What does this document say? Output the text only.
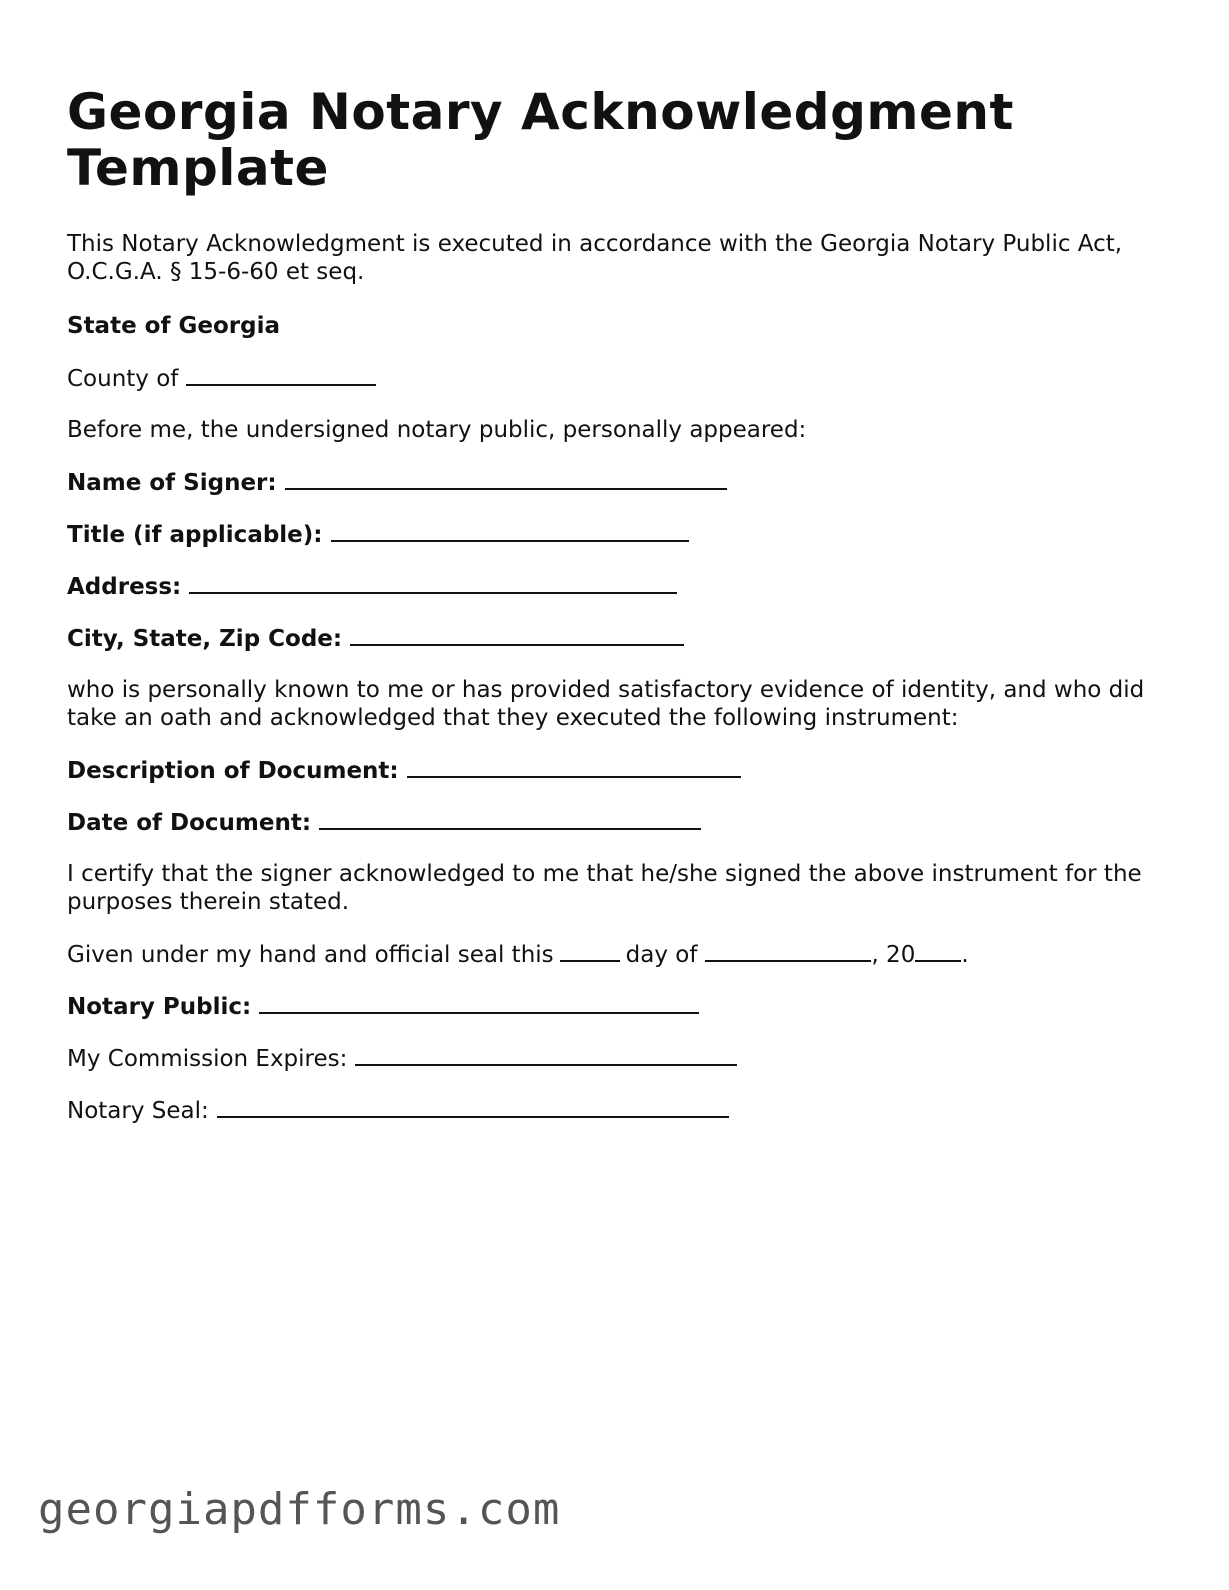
Georgia Notary Acknowledgment Template

This Notary Acknowledgment is executed in accordance with the Georgia Notary Public Act, O.C.G.A. § 15-6-60 et seq.

State of Georgia

County of

Before me, the undersigned notary public, personally appeared:

Name of Signer:

Title (if applicable):

Address:

City, State, Zip Code:

who is personally known to me or has provided satisfactory evidence of identity, and who did take an oath and acknowledged that they executed the following instrument:

Description of Document:

Date of Document:

I certify that the signer acknowledged to me that he/she signed the above instrument for the purposes therein stated.

Given under my hand and official seal this	day of	, 20 .

Notary Public:

My Commission Expires:

Notary Seal:

georgiapdfforms.com
